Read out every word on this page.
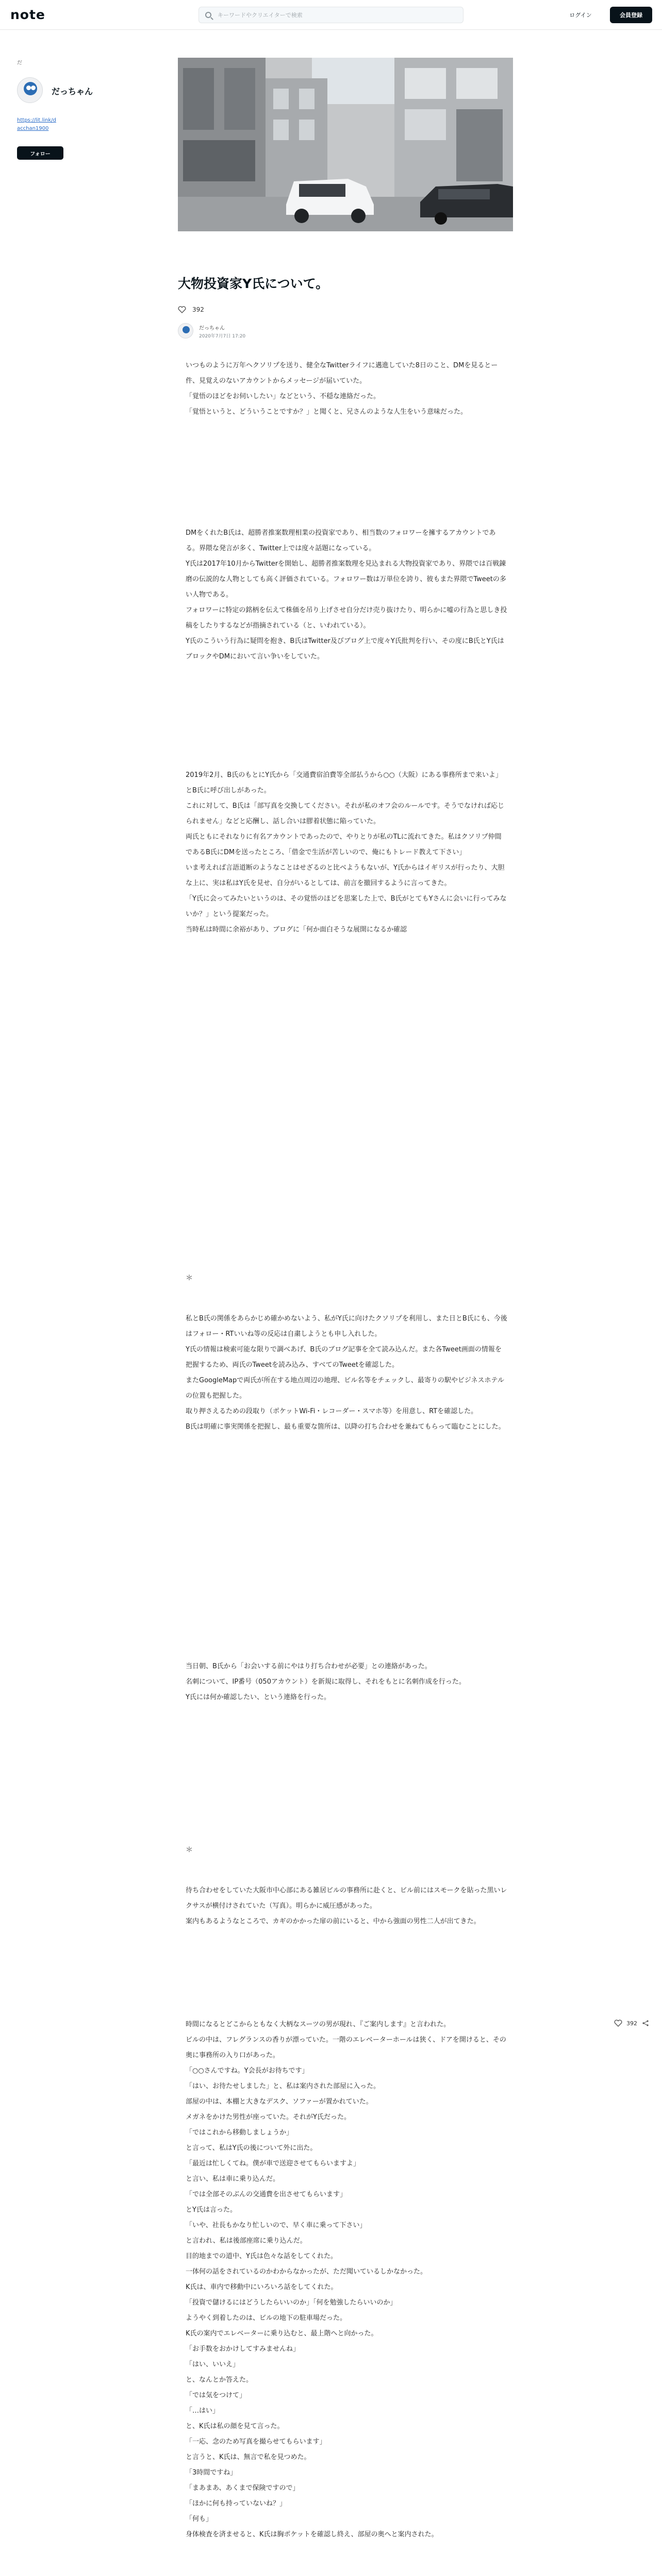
note
キーワードやクリエイターで検索	ログイン	会員登録
だ
だっちゃん
https://lit.link/dacchan1900
フォロー
大物投資家Y氏について。
392
だっちゃん
2020年7月7日 17:20

いつものように万年ヘクソリプを送り、健全なTwitterライフに邁進していた8日のこと、DMを見るとー件、見覚えのないアカウントからメッセージが届いていた。

「覚悟のほどをお伺いしたい」などという、不穏な連絡だった。

「覚悟というと、どういうことですか？」と聞くと、兄さんのような人生をいう意味だった。

DMをくれたB氏は、超勝者推案数理相業の投資家であり、相当数のフォロワーを擁するアカウントである。界隈な発言が多く、Twitter上では度々話題になっている。

Y氏は2017年10月からTwitterを開始し、超勝者推案数理を見込まれる大物投資家であり、界隈では百戦錬磨の伝説的な人物としても高く評価されている。フォロワー数は万単位を誇り、彼もまた界隈でTweetの多い人物である。

フォロワーに特定の銘柄を伝えて株価を吊り上げさせ自分だけ売り抜けたり、明らかに嘘の行為と思しき投稿をしたりするなどが指摘されている（と、いわれている）。

Y氏のこういう行為に疑問を抱き、B氏はTwitter及びブログ上で度々Y氏批判を行い、その度にB氏とY氏はブロックやDMにおいて言い争いをしていた。

2019年2月、B氏のもとにY氏から「交通費宿泊費等全部払うから○○（大阪）にある事務所まで来いよ」とB氏に呼び出しがあった。

これに対して、B氏は「部写真を交換してください。それが私のオフ会のルールです。そうでなければ応じられません」などと応酬し、話し合いは膠着状態に陥っていた。

両氏ともにそれなりに有名アカウントであったので、やりとりが私のTLに流れてきた。私はクソリプ仲間であるB氏にDMを送ったところ、「借金で生活が苦しいので、俺にもトレード教えて下さい」

いま考えれば言語道断のようなことはせざるのと比べようもないが、Y氏からはイギリスが行ったり、大胆な上に、実は私はY氏を見せ、自分がいるとしては、前言を撤回するように言ってきた。

「Y氏に会ってみたいというのは、その覚悟のほどを思案した上で、B氏がとてもYさんに会いに行ってみないか？」という提案だった。

当時私は時間に余裕があり、ブログに「何か面白そうな展開になるか確認

＊

私とB氏の関係をあらかじめ確かめないよう、私がY氏に向けたクソリプを利用し、また日とB氏にも、今後はフォロー・RTいいね等の反応は自粛しようとも申し入れした。

Y氏の情報は検索可能な限りで調べあげ、B氏のブログ記事を全て読み込んだ。また各Tweet画面の情報を把握するため、両氏のTweetを読み込み、すべてのTweetを確認した。

またGoogleMapで両氏が所在する地点周辺の地理、ビル名等をチェックし、最寄りの駅やビジネスホテルの位置も把握した。

取り押さえるための段取り（ポケットWi-Fi・レコーダー・スマホ等）を用意し、RTを確認した。

B氏は明確に事実関係を把握し、最も重要な箇所は、以降の打ち合わせを兼ねてもらって臨むことにした。

当日朝、B氏から「お会いする前にやはり打ち合わせが必要」との連絡があった。

名刺について、IP番号（050アカウント）を新規に取得し、それをもとに名刺作成を行った。

Y氏には何か確認したい、という連絡を行った。

＊

待ち合わせをしていた大阪市中心部にある雑居ビルの事務所に赴くと、ビル前にはスモークを貼った黒いレクサスが横付けされていた（写真）。明らかに威圧感があった。

案内もあるようなところで、カギのかかった扉の前にいると、中から強面の男性二人が出てきた。

時間になるとどこからともなく大柄なスーツの男が現れ、『ご案内します』と言われた。

ビルの中は、フレグランスの香りが漂っていた。一階のエレベーターホールは狭く、ドアを開けると、その奥に事務所の入り口があった。

「○○さんですね。Y会長がお待ちです」

「はい、お待たせしました」と、私は案内された部屋に入った。

部屋の中は、本棚と大きなデスク、ソファーが置かれていた。

メガネをかけた男性が座っていた。それがY氏だった。

「ではこれから移動しましょうか」

と言って、私はY氏の後について外に出た。

「最近は忙しくてね。僕が車で送迎させてもらいますよ」

と言い、私は車に乗り込んだ。

「では全部そのぶんの交通費を出させてもらいます」

とY氏は言った。

「いや、社長もかなり忙しいので、早く車に乗って下さい」

と言われ、私は後部座席に乗り込んだ。

目的地までの道中、Y氏は色々な話をしてくれた。

一体何の話をされているのかわからなかったが、ただ聞いているしかなかった。

K氏は、車内で移動中にいろいろ話をしてくれた。

「投資で儲けるにはどうしたらいいのか」「何を勉強したらいいのか」

ようやく到着したのは、ビルの地下の駐車場だった。

K氏の案内でエレベーターに乗り込むと、最上階へと向かった。

「お手数をおかけしてすみませんね」

「はい、いいえ」

と、なんとか答えた。

「では気をつけて」

「…はい」

と、K氏は私の顔を見て言った。

「一応、念のため写真を撮らせてもらいます」

と言うと、K氏は、無言で私を見つめた。

「3時間ですね」

「まあまあ、あくまで保険ですので」

「ほかに何も持っていないね？」

「何も」

身体検査を済ませると、K氏は胸ポケットを確認し終え、部屋の奥へと案内された。

392
